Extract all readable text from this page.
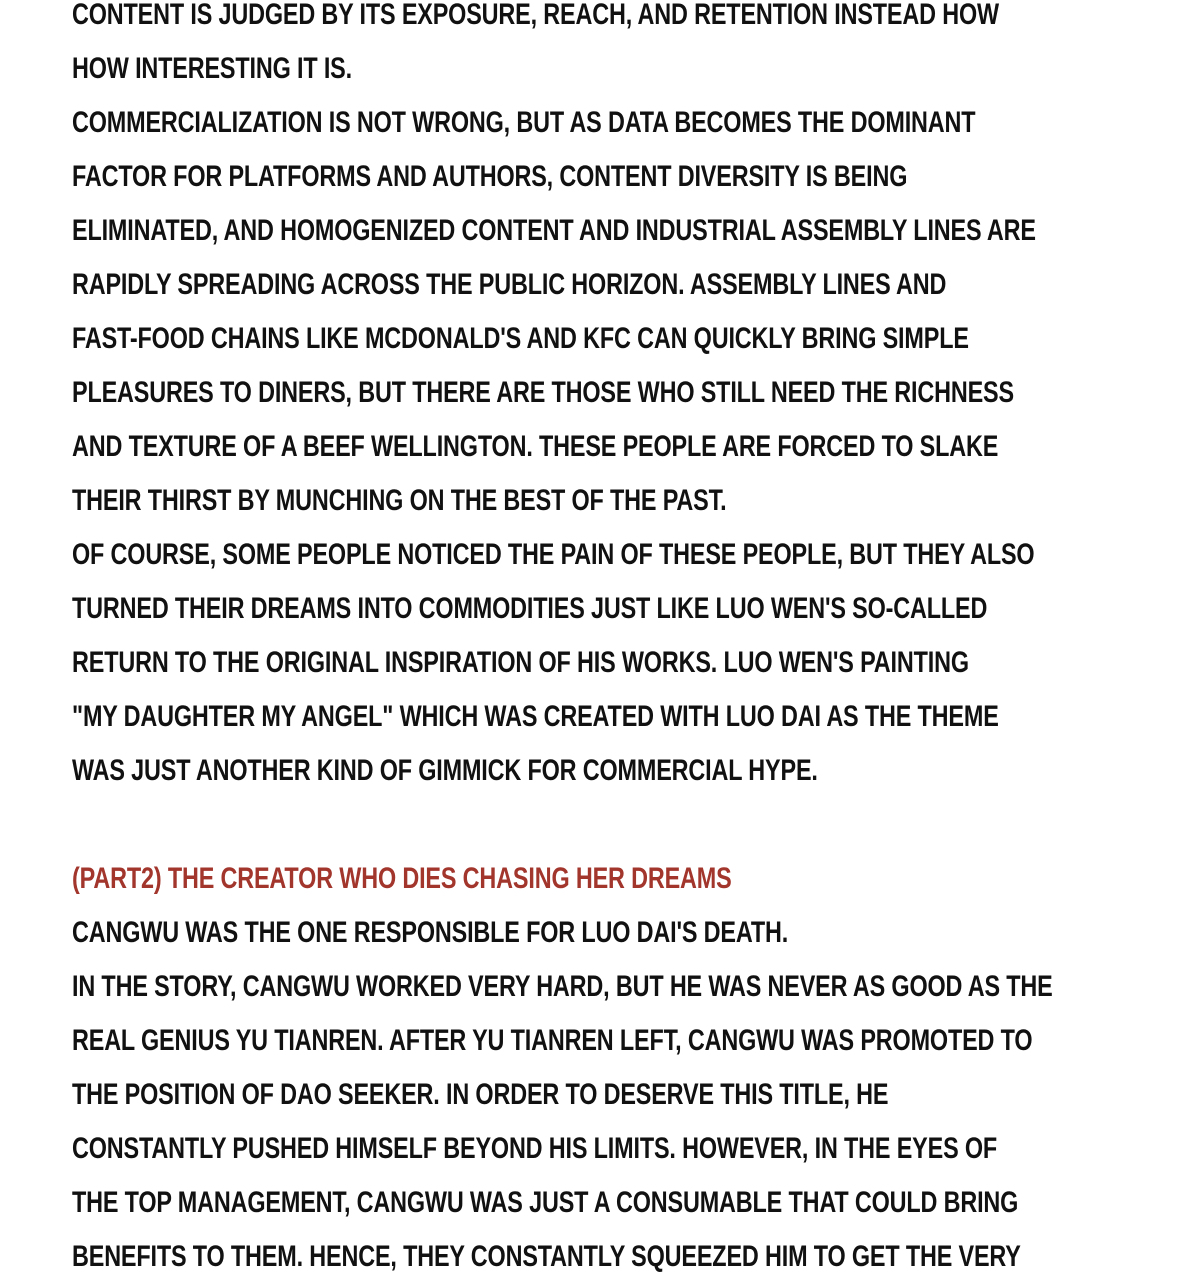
CONTENT IS JUDGED BY ITS EXPOSURE, REACH, AND RETENTION INSTEAD HOW
HOW INTERESTING IT IS.
COMMERCIALIZATION IS NOT WRONG, BUT AS DATA BECOMES THE DOMINANT
FACTOR FOR PLATFORMS AND AUTHORS, CONTENT DIVERSITY IS BEING
ELIMINATED, AND HOMOGENIZED CONTENT AND INDUSTRIAL ASSEMBLY LINES ARE
RAPIDLY SPREADING ACROSS THE PUBLIC HORIZON. ASSEMBLY LINES AND
FAST-FOOD CHAINS LIKE MCDONALD'S AND KFC CAN QUICKLY BRING SIMPLE
PLEASURES TO DINERS, BUT THERE ARE THOSE WHO STILL NEED THE RICHNESS
AND TEXTURE OF A BEEF WELLINGTON. THESE PEOPLE ARE FORCED TO SLAKE
THEIR THIRST BY MUNCHING ON THE BEST OF THE PAST.
OF COURSE, SOME PEOPLE NOTICED THE PAIN OF THESE PEOPLE, BUT THEY ALSO
TURNED THEIR DREAMS INTO COMMODITIES JUST LIKE LUO WEN'S SO-CALLED
RETURN TO THE ORIGINAL INSPIRATION OF HIS WORKS. LUO WEN'S PAINTING
"MY DAUGHTER MY ANGEL" WHICH WAS CREATED WITH LUO DAI AS THE THEME
WAS JUST ANOTHER KIND OF GIMMICK FOR COMMERCIAL HYPE.
(PART2) THE CREATOR WHO DIES CHASING HER DREAMS
CANGWU WAS THE ONE RESPONSIBLE FOR LUO DAI'S DEATH.
IN THE STORY, CANGWU WORKED VERY HARD, BUT HE WAS NEVER AS GOOD AS THE
REAL GENIUS YU TIANREN. AFTER YU TIANREN LEFT, CANGWU WAS PROMOTED TO
THE POSITION OF DAO SEEKER. IN ORDER TO DESERVE THIS TITLE, HE
CONSTANTLY PUSHED HIMSELF BEYOND HIS LIMITS. HOWEVER, IN THE EYES OF
THE TOP MANAGEMENT, CANGWU WAS JUST A CONSUMABLE THAT COULD BRING
BENEFITS TO THEM. HENCE, THEY CONSTANTLY SQUEEZED HIM TO GET THE VERY
